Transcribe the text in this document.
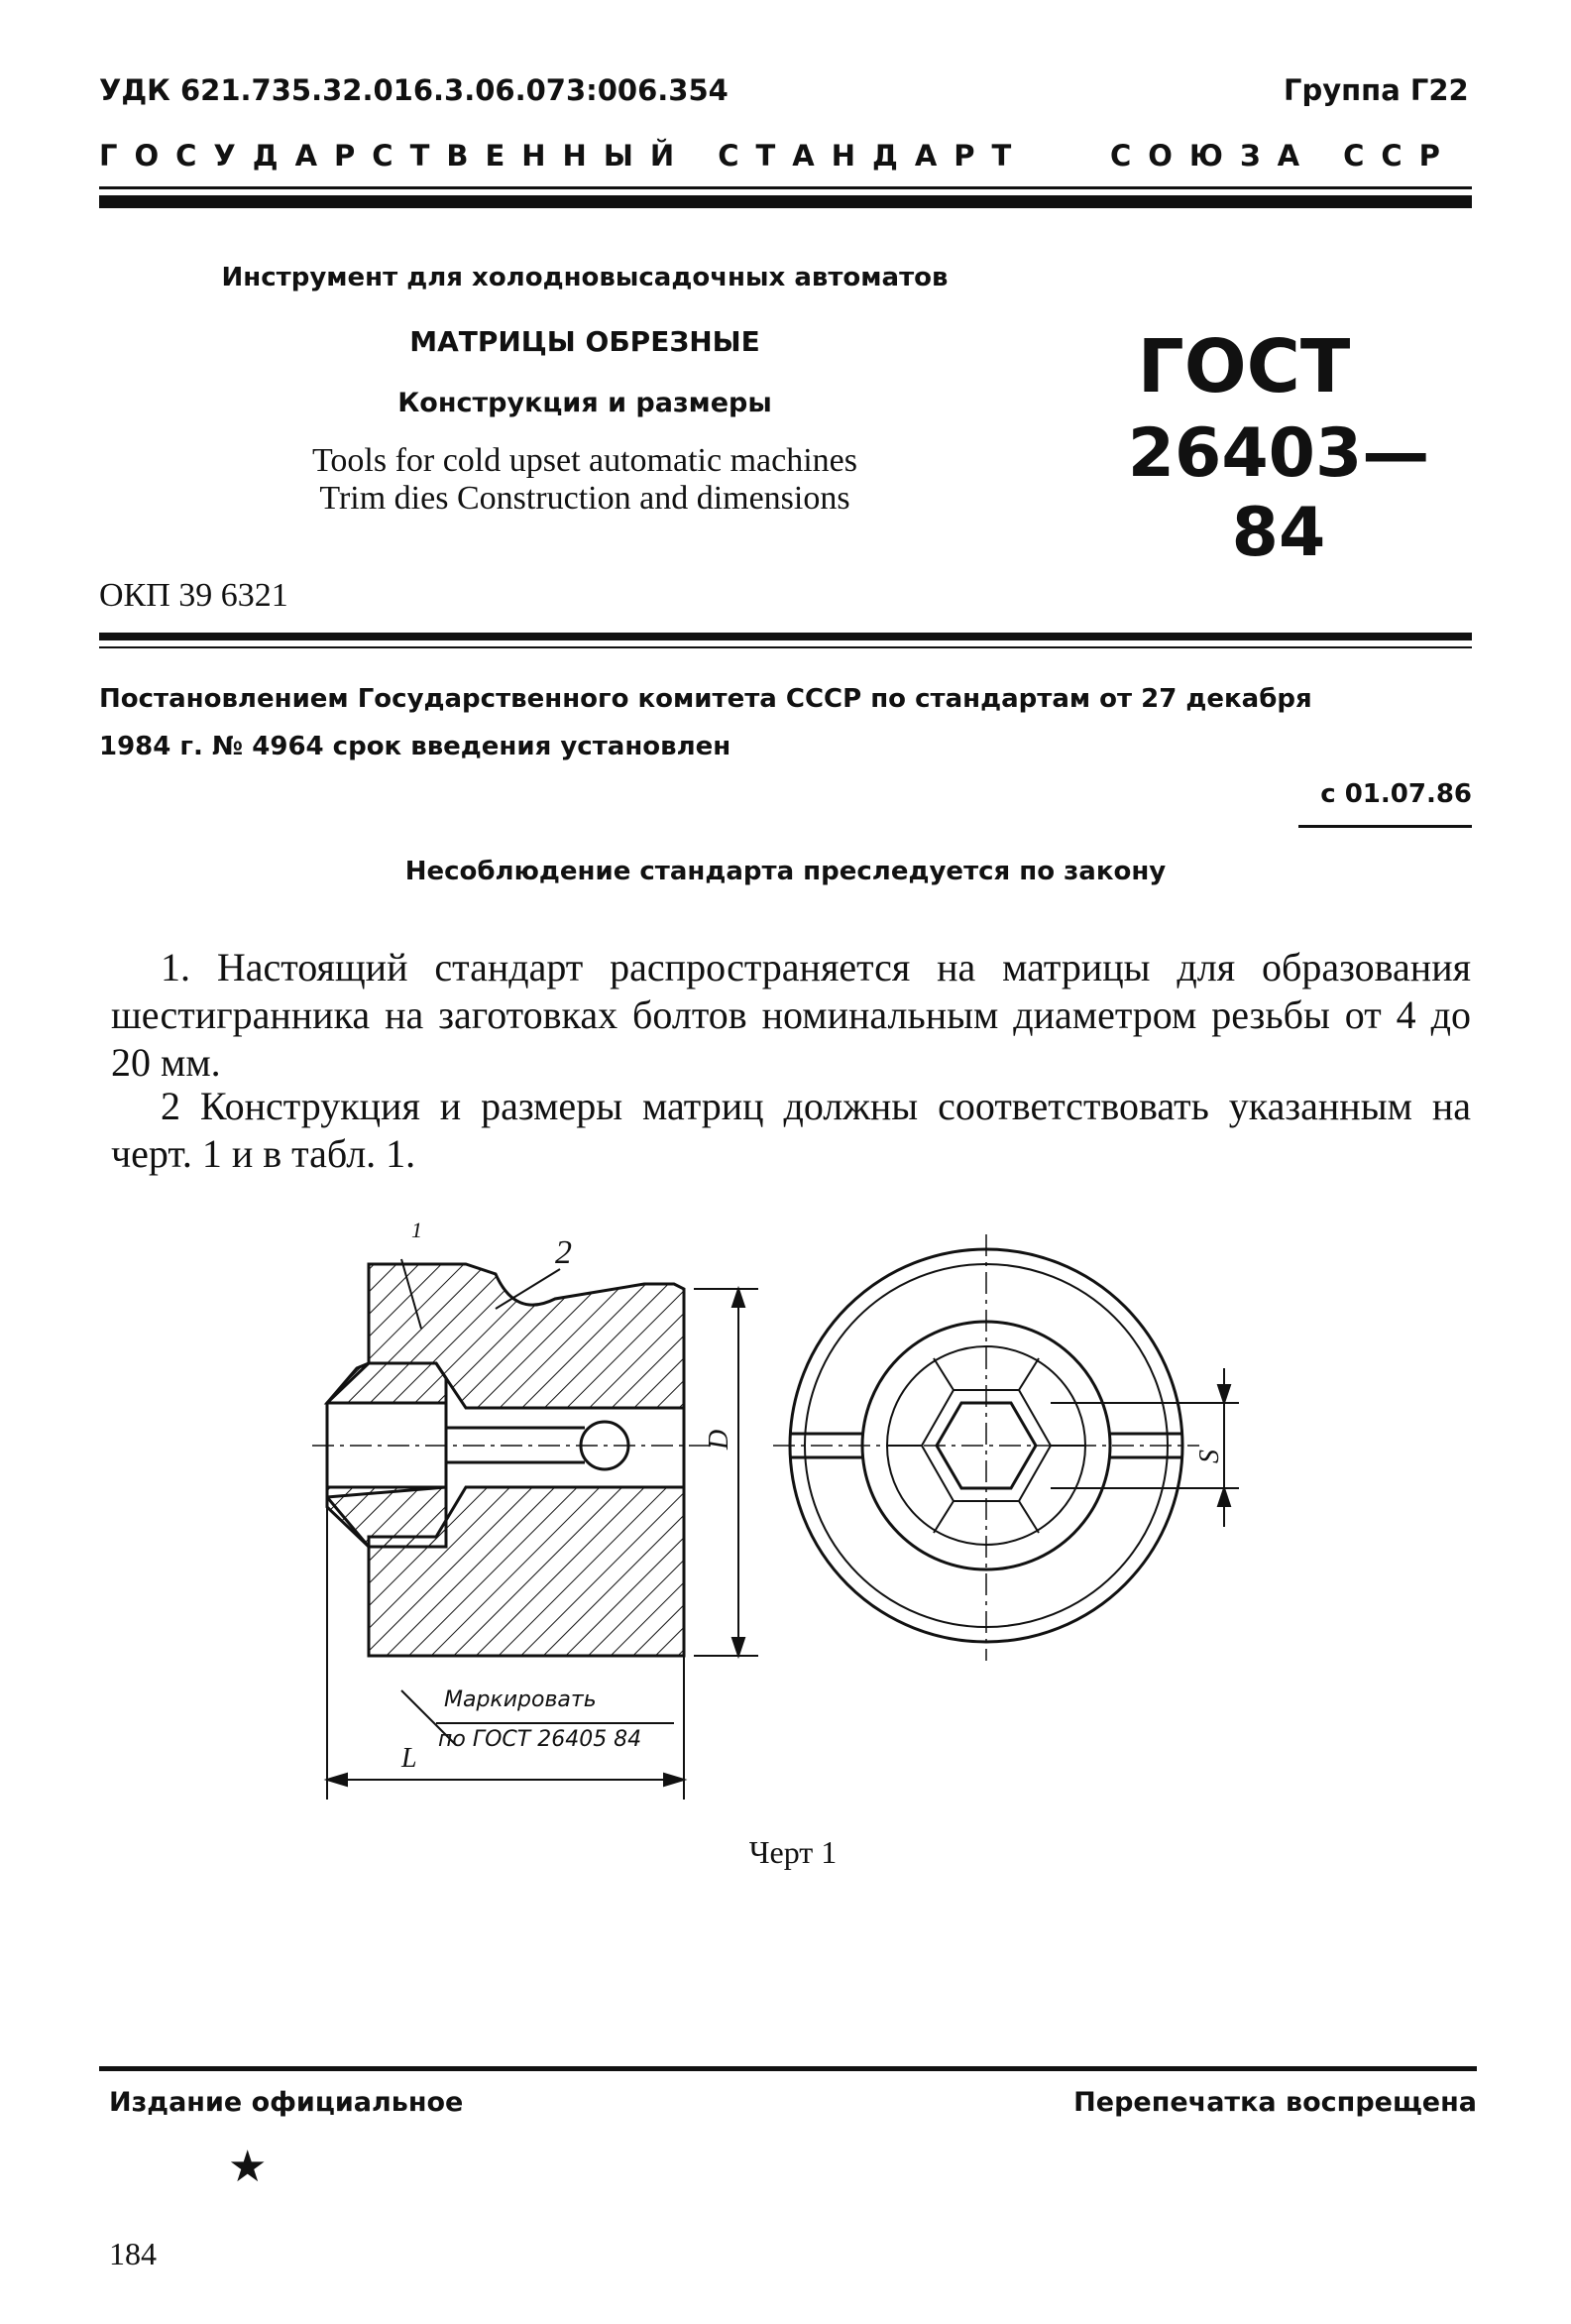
УДК 621.735.32.016.3.06.073:006.354	Группа Г22
ГОСУДАРСТВЕННЫЙ СТАНДАРТ	СОЮЗА ССР
Инструмент для холодновысадочных автоматов
МАТРИЦЫ ОБРЕЗНЫЕ
Конструкция и размеры
Tools for cold upset automatic machines
Trim dies Construction and dimensions
ГОСТ
26403—84
ОКП 39 6321
Постановлением Государственного комитета СССР по стандартам от 27 декабря
1984 г. № 4964 срок введения установлен
с 01.07.86
Несоблюдение стандарта преследуется по закону
1. Настоящий стандарт распространяется на матрицы для образования шестигранника на заготовках болтов номинальным диаметром резьбы от 4 до 20 мм.
2 Конструкция и размеры матриц должны соответствовать указанным на черт. 1 и в табл. 1.
1
2
D
S
L
Маркировать
по ГОСТ 26405 84
Черт 1
Издание официальное	Перепечатка воспрещена
★
184
